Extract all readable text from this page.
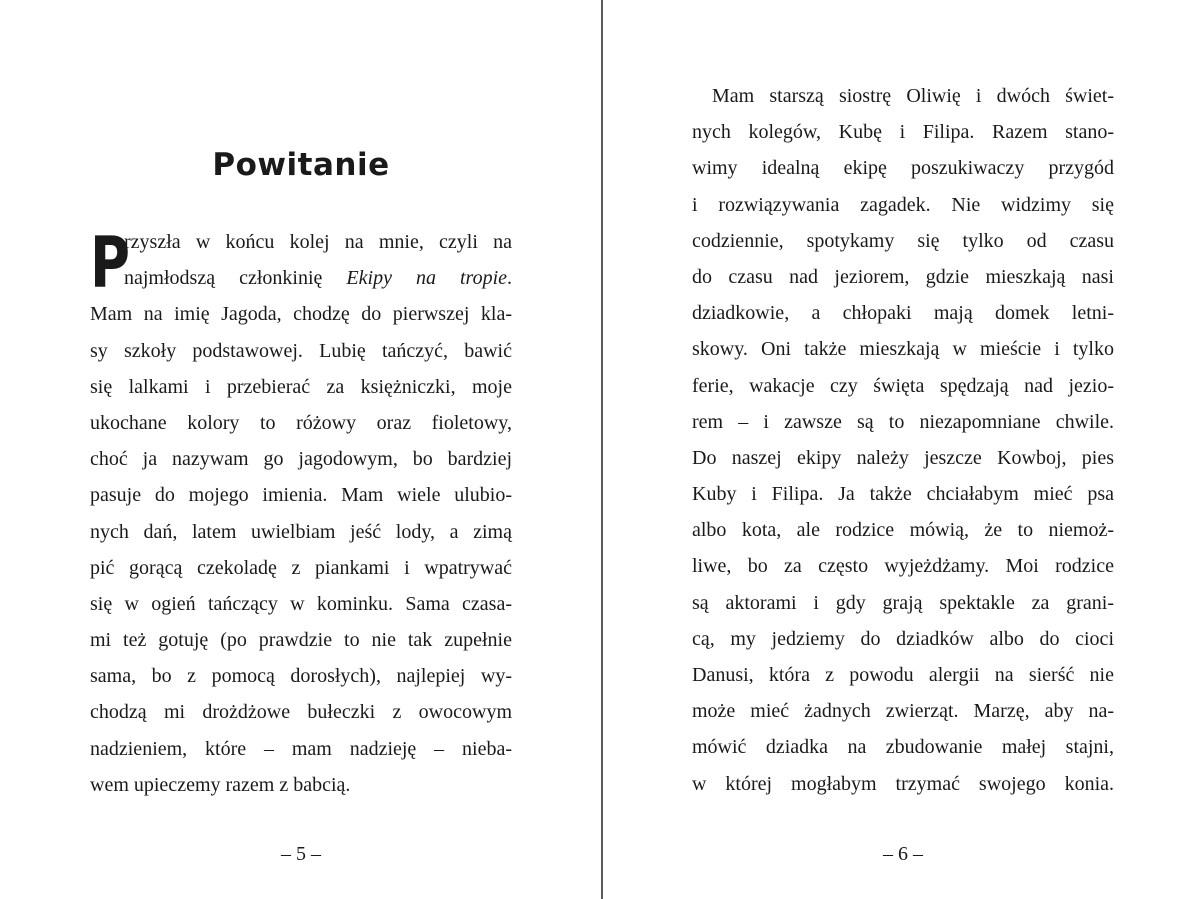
Powitanie
P
rzyszła w końcu kolej na mnie, czyli na
najmłodszą członkinię Ekipy na tropie.
Mam na imię Jagoda, chodzę do pierwszej kla-
sy szkoły podstawowej. Lubię tańczyć, bawić
się lalkami i przebierać za księżniczki, moje
ukochane kolory to różowy oraz fioletowy,
choć ja nazywam go jagodowym, bo bardziej
pasuje do mojego imienia. Mam wiele ulubio-
nych dań, latem uwielbiam jeść lody, a zimą
pić gorącą czekoladę z piankami i wpatrywać
się w ogień tańczący w kominku. Sama czasa-
mi też gotuję (po prawdzie to nie tak zupełnie
sama, bo z pomocą dorosłych), najlepiej wy-
chodzą mi drożdżowe bułeczki z owocowym
nadzieniem, które – mam nadzieję – nieba-
wem upieczemy razem z babcią.
– 5 –
Mam starszą siostrę Oliwię i dwóch świet-
nych kolegów, Kubę i Filipa. Razem stano-
wimy idealną ekipę poszukiwaczy przygód
i rozwiązywania zagadek. Nie widzimy się
codziennie, spotykamy się tylko od czasu
do czasu nad jeziorem, gdzie mieszkają nasi
dziadkowie, a chłopaki mają domek letni-
skowy. Oni także mieszkają w mieście i tylko
ferie, wakacje czy święta spędzają nad jezio-
rem – i zawsze są to niezapomniane chwile.
Do naszej ekipy należy jeszcze Kowboj, pies
Kuby i Filipa. Ja także chciałabym mieć psa
albo kota, ale rodzice mówią, że to niemoż-
liwe, bo za często wyjeżdżamy. Moi rodzice
są aktorami i gdy grają spektakle za grani-
cą, my jedziemy do dziadków albo do cioci
Danusi, która z powodu alergii na sierść nie
może mieć żadnych zwierząt. Marzę, aby na-
mówić dziadka na zbudowanie małej stajni,
w której mogłabym trzymać swojego konia.
– 6 –
